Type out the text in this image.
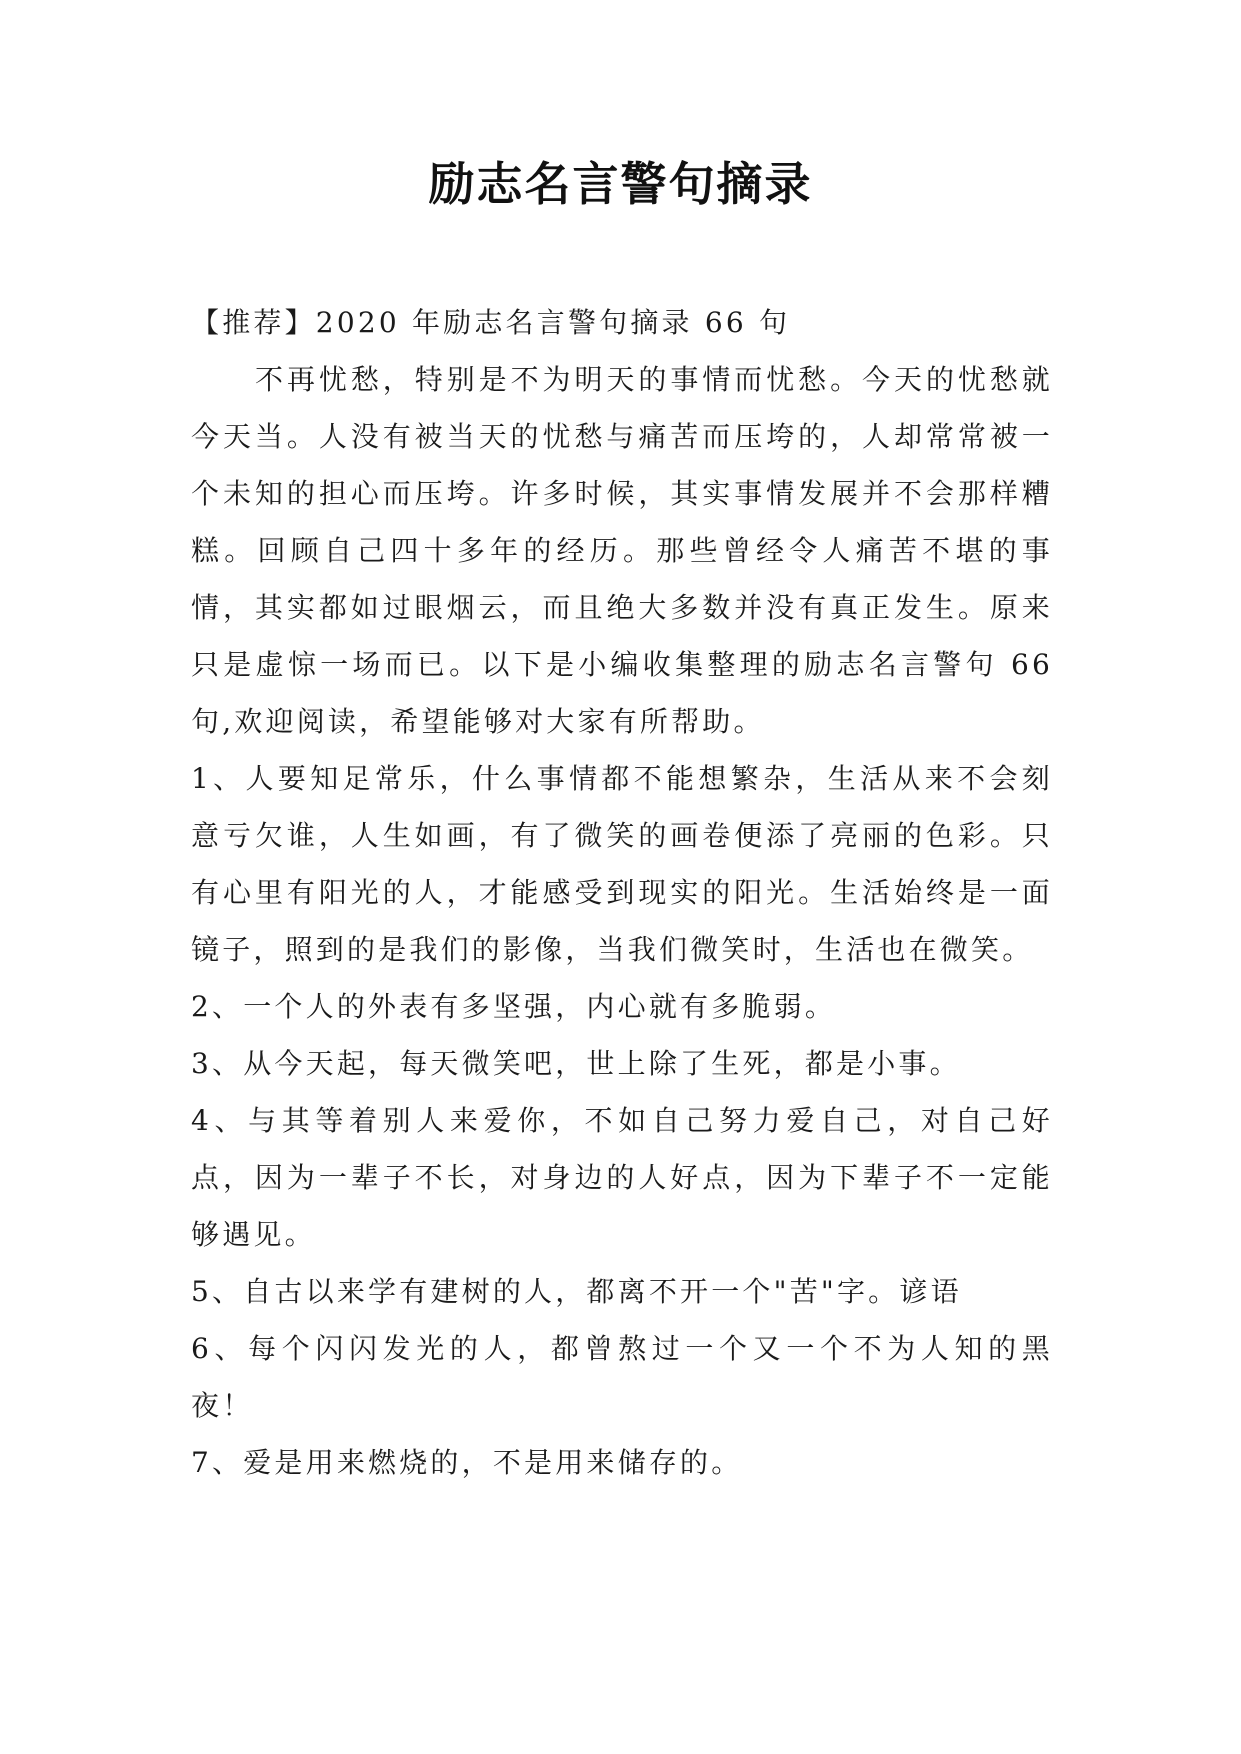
励志名言警句摘录

【推荐】2020 年励志名言警句摘录 66 句

不再忧愁，特别是不为明天的事情而忧愁。今天的忧愁就今天当。人没有被当天的忧愁与痛苦而压垮的，人却常常被一个未知的担心而压垮。许多时候，其实事情发展并不会那样糟糕。回顾自己四十多年的经历。那些曾经令人痛苦不堪的事情，其实都如过眼烟云，而且绝大多数并没有真正发生。原来只是虚惊一场而已。以下是小编收集整理的励志名言警句 66 句,欢迎阅读，希望能够对大家有所帮助。

1、人要知足常乐，什么事情都不能想繁杂，生活从来不会刻意亏欠谁，人生如画，有了微笑的画卷便添了亮丽的色彩。只有心里有阳光的人，才能感受到现实的阳光。生活始终是一面镜子，照到的是我们的影像，当我们微笑时，生活也在微笑。

2、一个人的外表有多坚强，内心就有多脆弱。

3、从今天起，每天微笑吧，世上除了生死，都是小事。

4、与其等着别人来爱你，不如自己努力爱自己，对自己好点，因为一辈子不长，对身边的人好点，因为下辈子不一定能够遇见。

5、自古以来学有建树的人，都离不开一个"苦"字。谚语

6、每个闪闪发光的人，都曾熬过一个又一个不为人知的黑夜！

7、爱是用来燃烧的，不是用来储存的。
